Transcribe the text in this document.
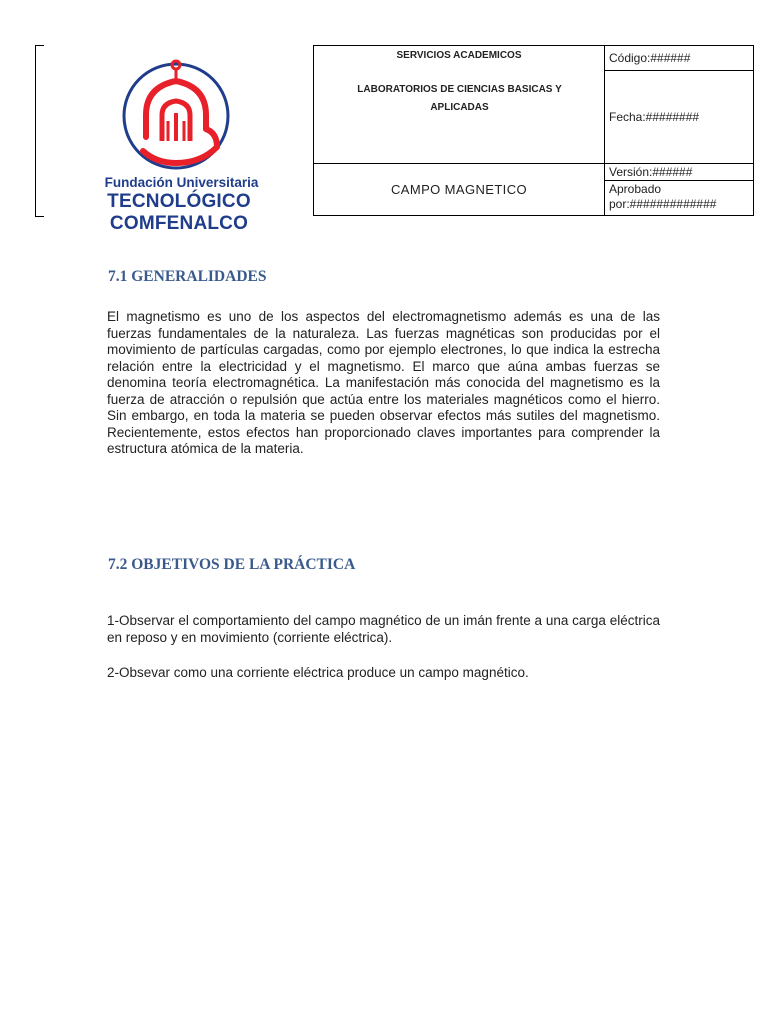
Fundación Universitaria
TECNOLÓGICO COMFENALCO
SERVICIOS ACADEMICOS
LABORATORIOS DE CIENCIAS BASICAS Y APLICADAS
CAMPO MAGNETICO
Código:######
Fecha:########
Versión:######
Aprobado por:#############
7.1 GENERALIDADES

El magnetismo es uno de los aspectos del electromagnetismo además es una de las fuerzas fundamentales de la naturaleza. Las fuerzas magnéticas son producidas por el movimiento de partículas cargadas, como por ejemplo electrones, lo que indica la estrecha relación entre la electricidad y el magnetismo. El marco que aúna ambas fuerzas se denomina teoría electromagnética. La manifestación más conocida del magnetismo es la fuerza de atracción o repulsión que actúa entre los materiales magnéticos como el hierro. Sin embargo, en toda la materia se pueden observar efectos más sutiles del magnetismo. Recientemente, estos efectos han proporcionado claves importantes para comprender la estructura atómica de la materia.

7.2 OBJETIVOS DE LA PRÁCTICA

1-Observar el comportamiento del campo magnético de un imán frente a una carga eléctrica en reposo y en movimiento (corriente eléctrica).

2-Obsevar como una corriente eléctrica produce un campo magnético.
